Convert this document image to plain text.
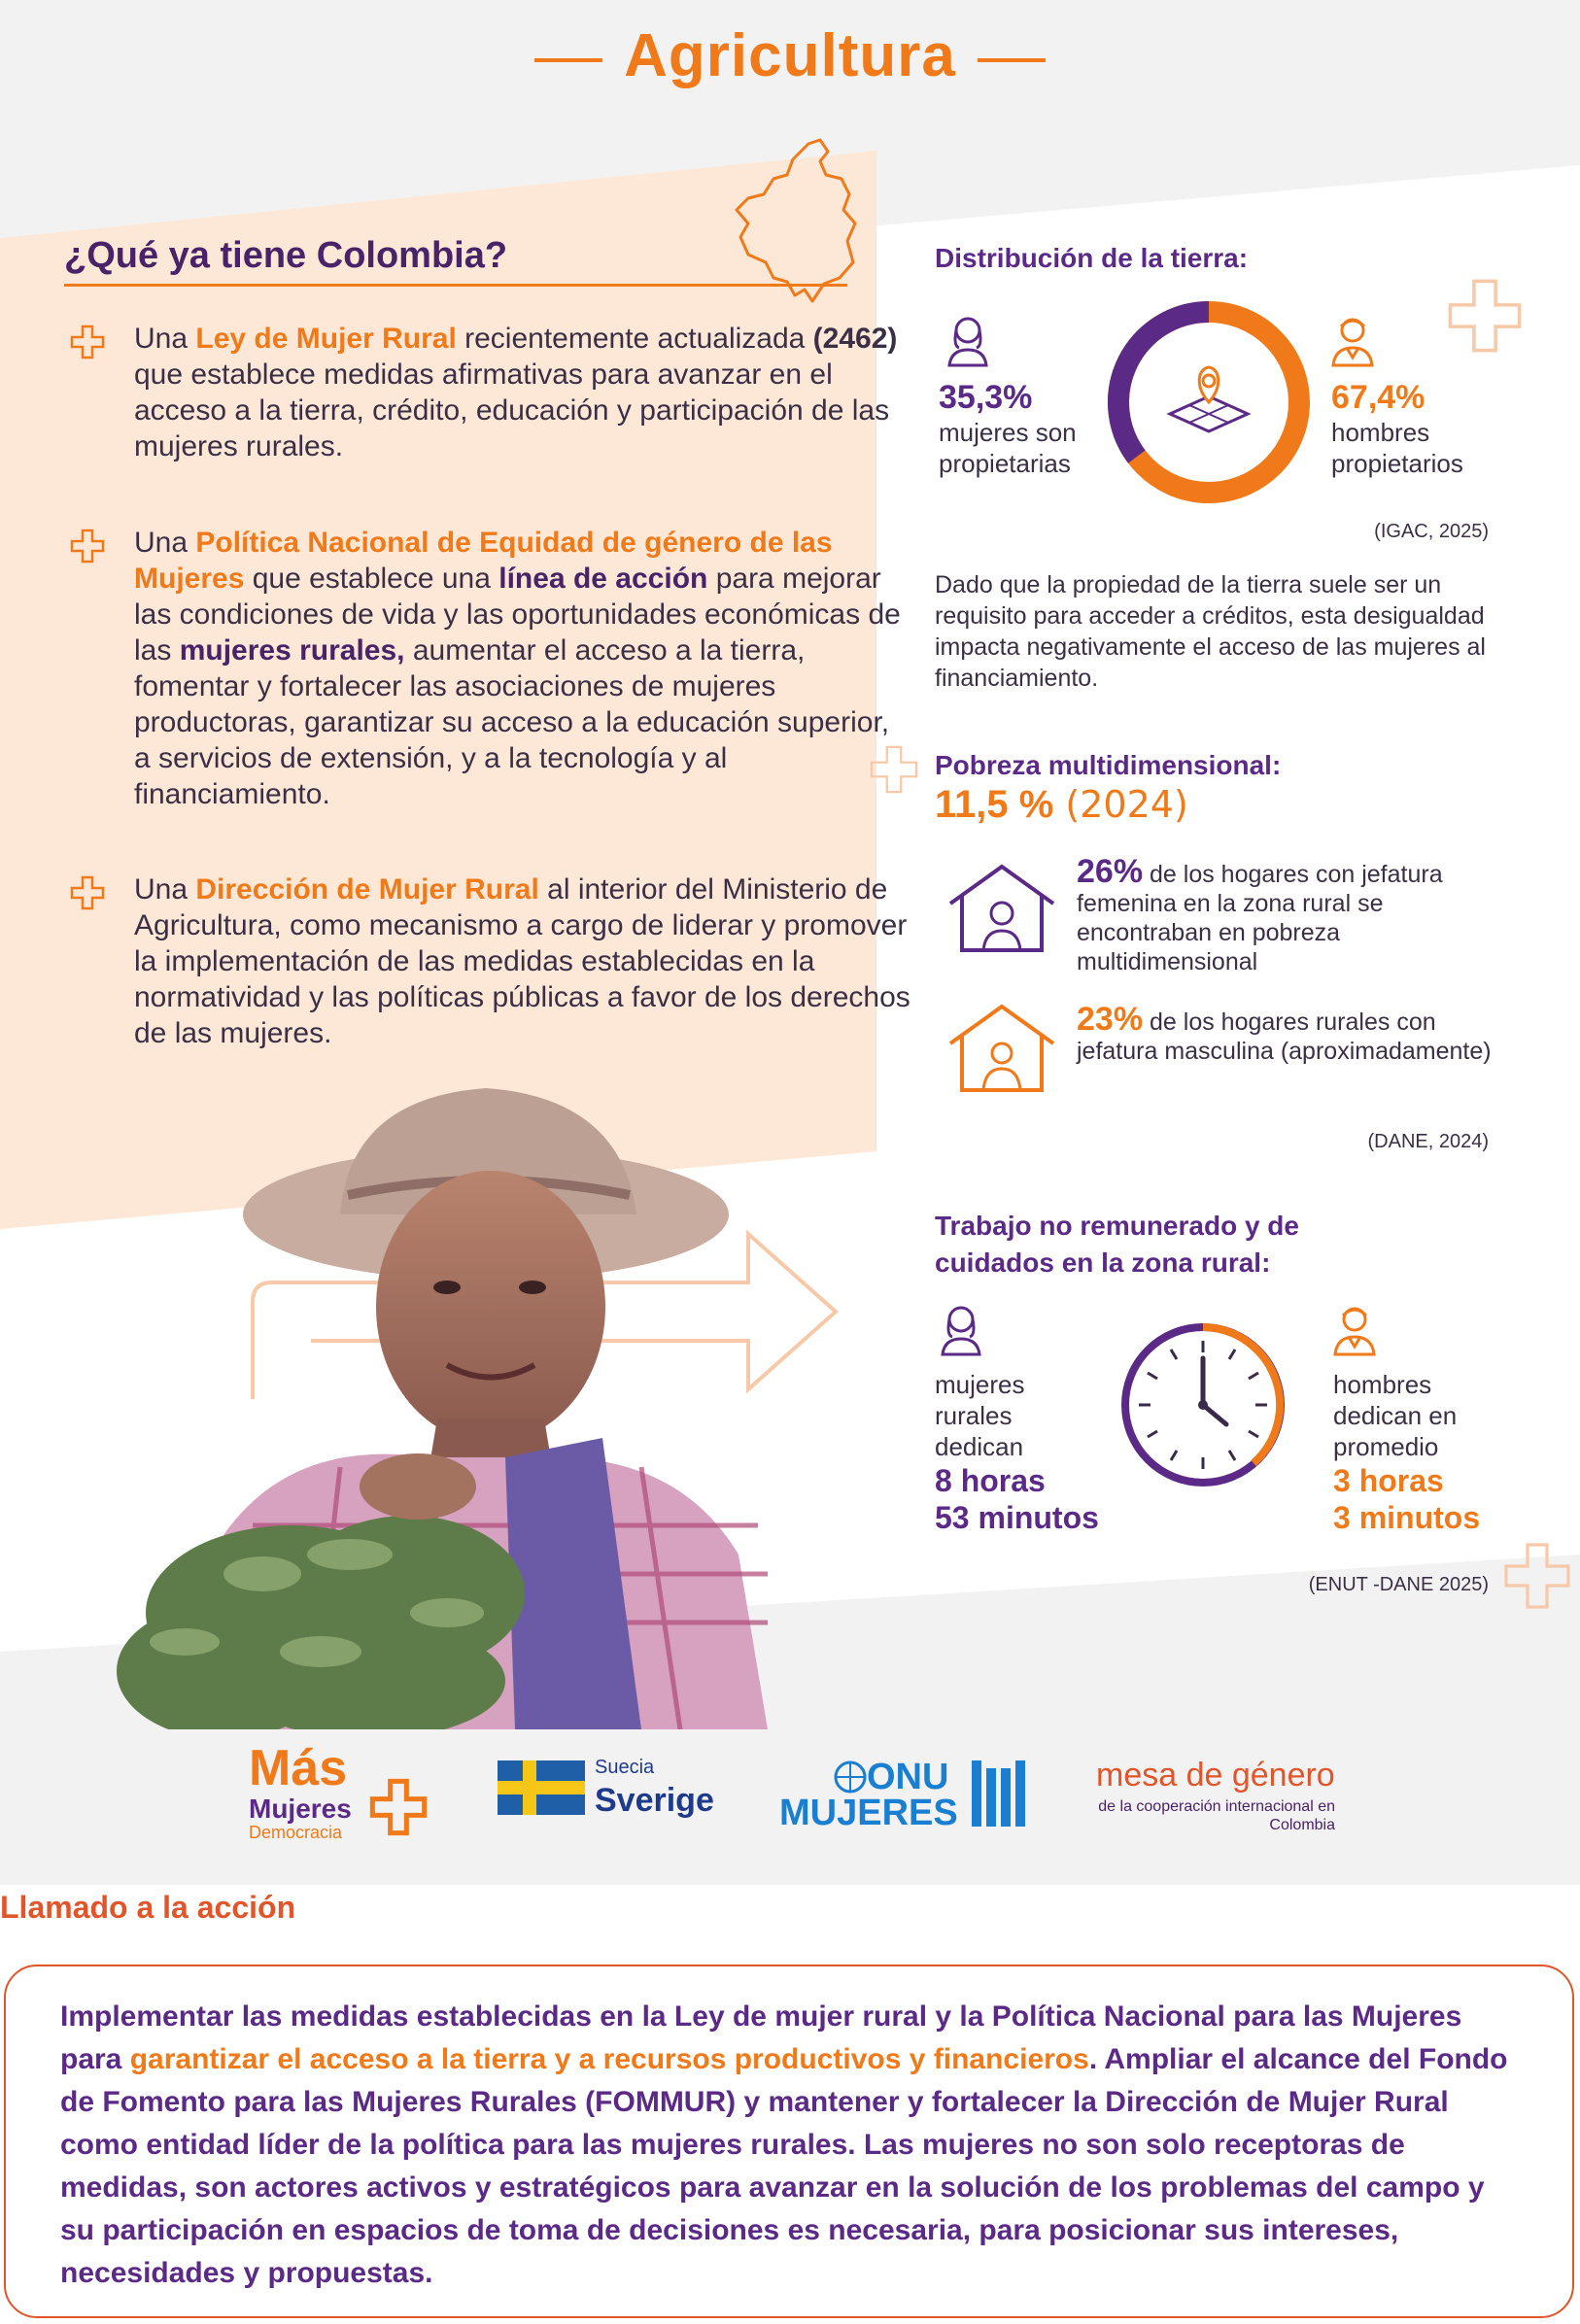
Agricultura
¿Qué ya tiene Colombia?
Una Ley de Mujer Rural recientemente actualizada (2462) que establece medidas afirmativas para avanzar en el acceso a la tierra, crédito, educación y participación de las mujeres rurales.
Una Política Nacional de Equidad de género de las Mujeres que establece una línea de acción para mejorar las condiciones de vida y las oportunidades económicas de las mujeres rurales, aumentar el acceso a la tierra, fomentar y fortalecer las asociaciones de mujeres productoras, garantizar su acceso a la educación superior, a servicios de extensión, y a la tecnología y al financiamiento.
Una Dirección de Mujer Rural al interior del Ministerio de Agricultura, como mecanismo a cargo de liderar y promover la implementación de las medidas establecidas en la normatividad y las políticas públicas a favor de los derechos de las mujeres.
Distribución de la tierra:
35,3%
mujeres son
propietarias
67,4%
hombres
propietarios
(IGAC, 2025)
Dado que la propiedad de la tierra suele ser un requisito para acceder a créditos, esta desigualdad impacta negativamente el acceso de las mujeres al financiamiento.
Pobreza multidimensional:
11,5 % (2024)
26% de los hogares con jefatura femenina en la zona rural se encontraban en pobreza multidimensional
23% de los hogares rurales con jefatura masculina (aproximadamente)
(DANE, 2024)
Trabajo no remunerado y de
cuidados en la zona rural:
mujeres
rurales
dedican
8 horas
53 minutos
hombres
dedican en
promedio
3 horas
3 minutos
(ENUT -DANE 2025)
Más
Mujeres
Democracia
Suecia
Sverige
ONU
MUJERES
mesa de género
de la cooperación internacional en Colombia
Llamado a la acción
Implementar las medidas establecidas en la Ley de mujer rural y la Política Nacional para las Mujeres para garantizar el acceso a la tierra y a recursos productivos y financieros. Ampliar el alcance del Fondo de Fomento para las Mujeres Rurales (FOMMUR) y mantener y fortalecer la Dirección de Mujer Rural como entidad líder de la política para las mujeres rurales. Las mujeres no son solo receptoras de medidas, son actores activos y estratégicos para avanzar en la solución de los problemas del campo y su participación en espacios de toma de decisiones es necesaria, para posicionar sus intereses, necesidades y propuestas.
